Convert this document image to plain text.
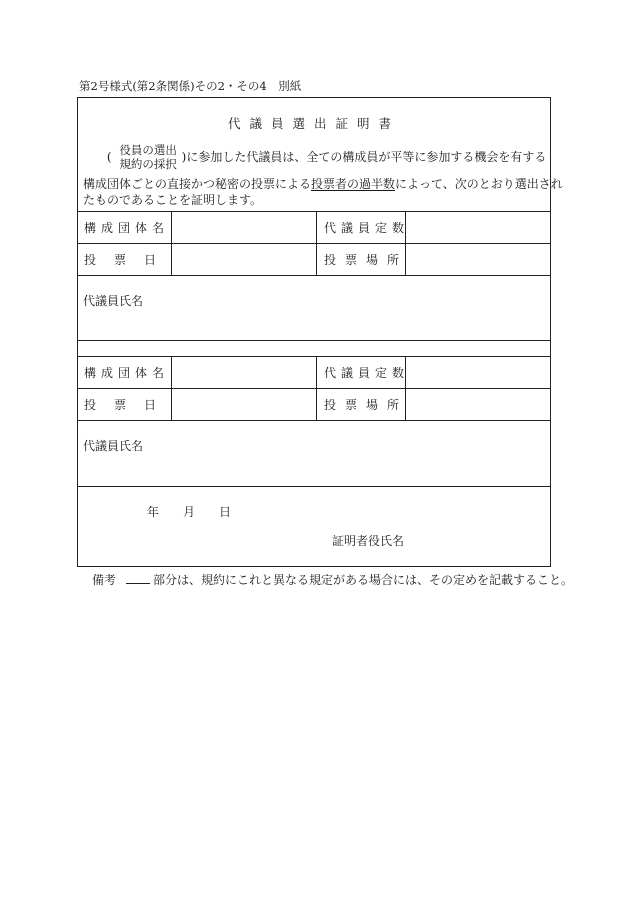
第2号様式(第2条関係)その2・その4　別紙
代議員選出証明書
( 役員の選出
規約の採択 )に参加した代議員は、全ての構成員が平等に参加する機会を有する
構成団体ごとの直接かつ秘密の投票による投票者の過半数によって、次のとおり選出され
たものであることを証明します。
構成団体名	代議員定数
投　票　日	投票場所
代議員氏名
構成団体名	代議員定数
投　票　日	投票場所
代議員氏名
年 月 日
証明者役氏名
備考	部分は、規約にこれと異なる規定がある場合には、その定めを記載すること。
